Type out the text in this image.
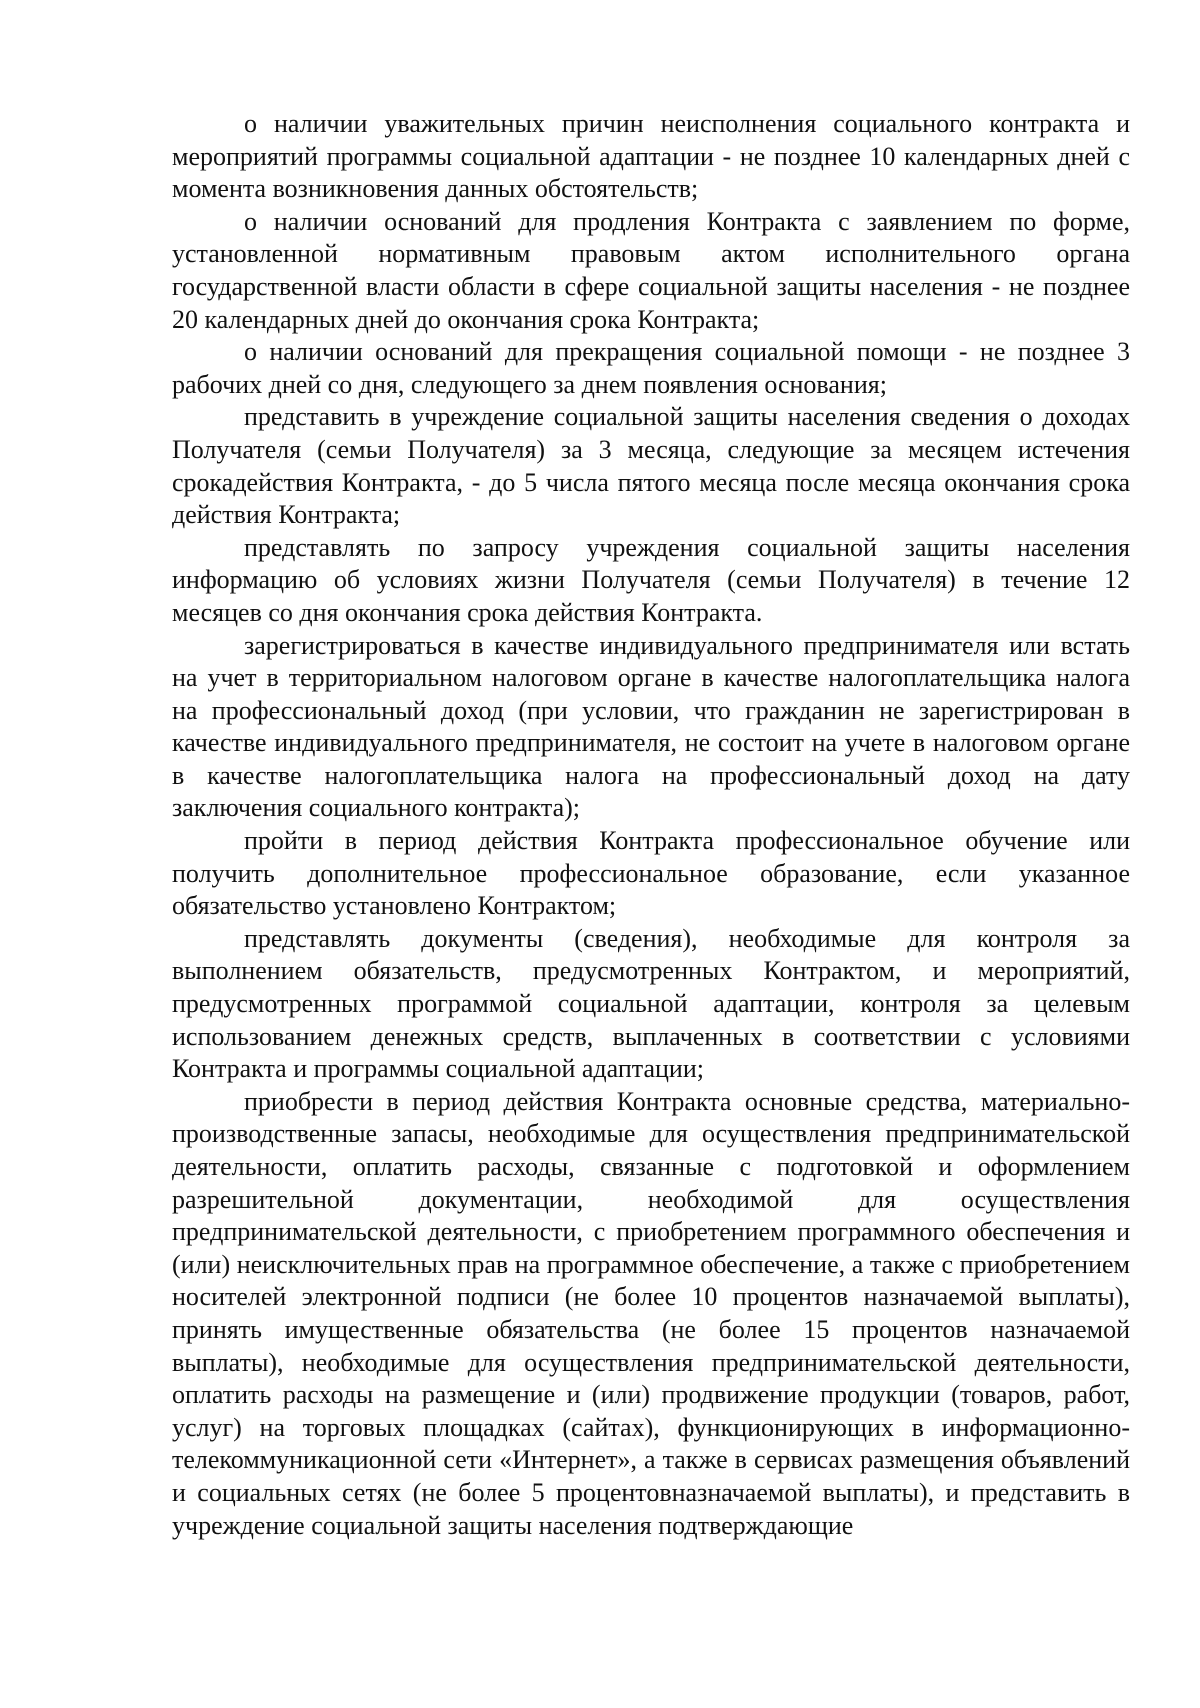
о наличии уважительных причин неисполнения социального контракта и мероприятий программы социальной адаптации - не позднее 10 календарных дней с момента возникновения данных обстоятельств;

о наличии оснований для продления Контракта с заявлением по форме, установленной нормативным правовым актом исполнительного органа государственной власти области в сфере социальной защиты населения - не позднее 20 календарных дней до окончания срока Контракта;

о наличии оснований для прекращения социальной помощи - не позднее 3 рабочих дней со дня, следующего за днем появления основания;

представить в учреждение социальной защиты населения сведения о доходах Получателя (семьи Получателя) за 3 месяца, следующие за месяцем истечения срокадействия Контракта, - до 5 числа пятого месяца после месяца окончания срока действия Контракта;

представлять по запросу учреждения социальной защиты населения информацию об условиях жизни Получателя (семьи Получателя) в течение 12 месяцев со дня окончания срока действия Контракта.

зарегистрироваться в качестве индивидуального предпринимателя или встать на учет в территориальном налоговом органе в качестве налогоплательщика налога на профессиональный доход (при условии, что гражданин не зарегистрирован в качестве индивидуального предпринимателя, не состоит на учете в налоговом органе в качестве налогоплательщика налога на профессиональный доход на дату заключения социального контракта);

пройти в период действия Контракта профессиональное обучение или получить дополнительное профессиональное образование, если указанное обязательство установлено Контрактом;

представлять документы (сведения), необходимые для контроля за выполнением обязательств, предусмотренных Контрактом, и мероприятий, предусмотренных программой социальной адаптации, контроля за целевым использованием денежных средств, выплаченных в соответствии с условиями Контракта и программы социальной адаптации;

приобрести в период действия Контракта основные средства, материально-производственные запасы, необходимые для осуществления предпринимательской деятельности, оплатить расходы, связанные с подготовкой и оформлением разрешительной документации, необходимой для осуществления предпринимательской деятельности, с приобретением программного обеспечения и (или) неисключительных прав на программное обеспечение, а также с приобретением носителей электронной подписи (не более 10 процентов назначаемой выплаты), принять имущественные обязательства (не более 15 процентов назначаемой выплаты), необходимые для осуществления предпринимательской деятельности, оплатить расходы на размещение и (или) продвижение продукции (товаров, работ, услуг) на торговых площадках (сайтах), функционирующих в информационно-телекоммуникационной сети «Интернет», а также в сервисах размещения объявлений и социальных сетях (не более 5 процентовназначаемой выплаты), и представить в учреждение социальной защиты населения подтверждающие
